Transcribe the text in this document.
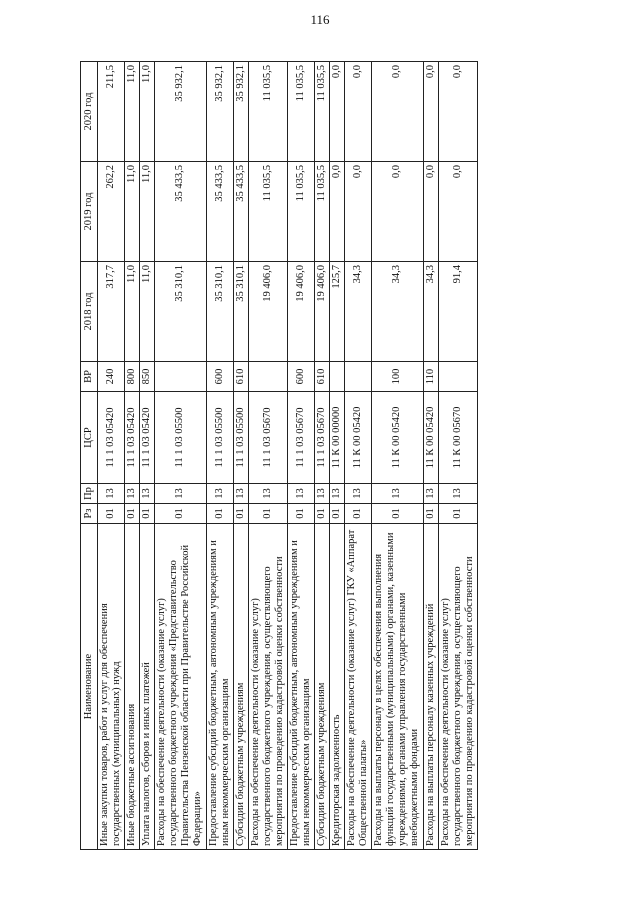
116
Наименование	Рз	Пр	ЦСР	ВР	2018 год	2019 год	2020 год
Иные закупки товаров, работ и услуг для обеспечения государственных (муниципальных) нужд	01	13	11 1 03 05420	240	317,7	262,2	211,5
Иные бюджетные ассигнования	01	13	11 1 03 05420	800	11,0	11,0	11,0
Уплата налогов, сборов и иных платежей	01	13	11 1 03 05420	850	11,0	11,0	11,0
Расходы на обеспечение деятельности (оказание услуг) государственного бюджетного учреждения «Представительство Правительства Пензенской области при Правительстве Российской Федерации»	01	13	11 1 03 05500		35 310,1	35 433,5	35 932,1
Предоставление субсидий бюджетным, автономным учреждениям и иным некоммерческим организациям	01	13	11 1 03 05500	600	35 310,1	35 433,5	35 932,1
Субсидии бюджетным учреждениям	01	13	11 1 03 05500	610	35 310,1	35 433,5	35 932,1
Расходы на обеспечение деятельности (оказание услуг) государственного бюджетного учреждения, осуществляющего мероприятия по проведению кадастровой оценки собственности	01	13	11 1 03 05670		19 406,0	11 035,5	11 035,5
Предоставление субсидий бюджетным, автономным учреждениям и иным некоммерческим организациям	01	13	11 1 03 05670	600	19 406,0	11 035,5	11 035,5
Субсидии бюджетным учреждениям	01	13	11 1 03 05670	610	19 406,0	11 035,5	11 035,5
Кредиторская задолженность	01	13	11 К 00 00000		125,7	0,0	0,0
Расходы на обеспечение деятельности (оказание услуг) ГКУ «Аппарат Общественной палаты»	01	13	11 К 00 05420		34,3	0,0	0,0
Расходы на выплаты персоналу в целях обеспечения выполнения функций государственными (муниципальными) органами, казенными учреждениями, органами управления государственными внебюджетными фондами	01	13	11 К 00 05420	100	34,3	0,0	0,0
Расходы на выплаты персоналу казенных учреждений	01	13	11 К 00 05420	110	34,3	0,0	0,0
Расходы на обеспечение деятельности (оказание услуг) государственного бюджетного учреждения, осуществляющего мероприятия по проведению кадастровой оценки собственности	01	13	11 К 00 05670		91,4	0,0	0,0
